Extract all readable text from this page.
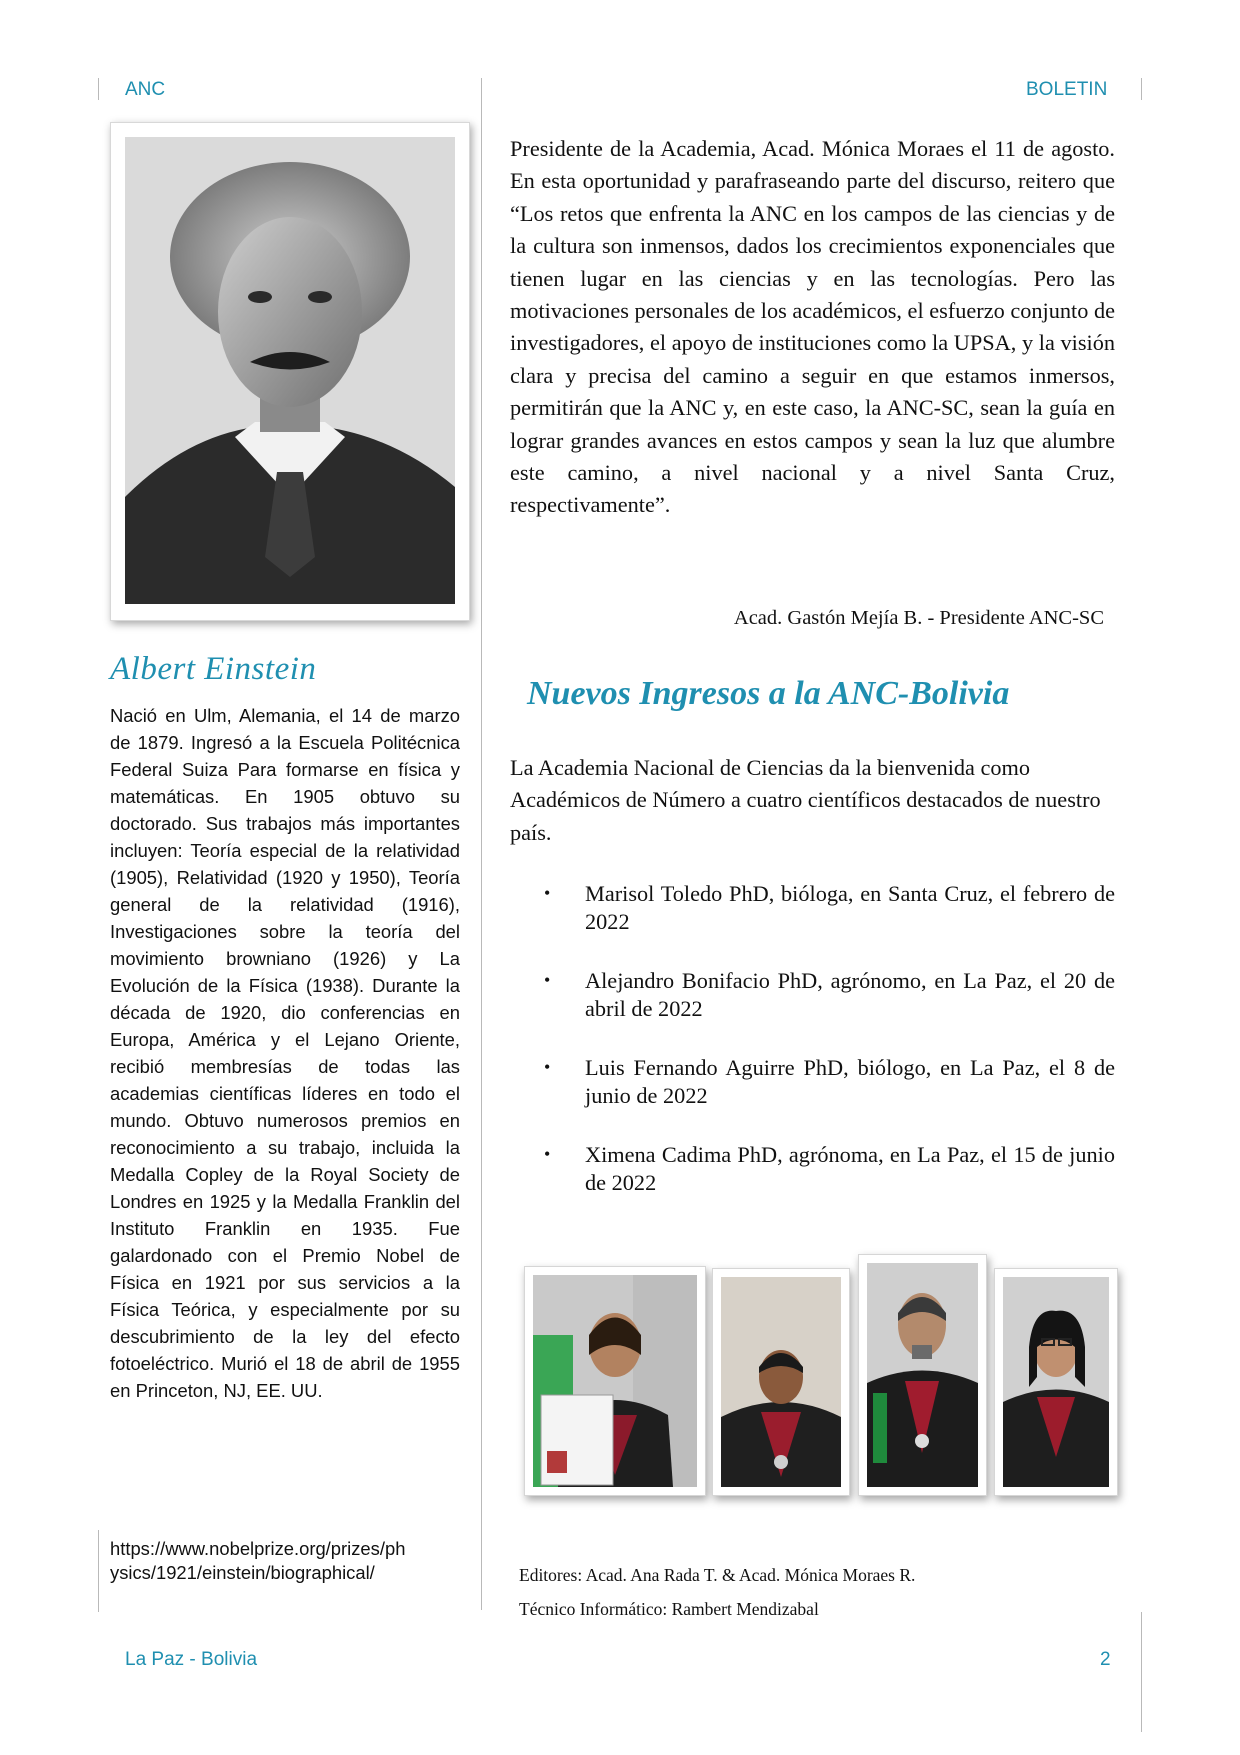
ANC	BOLETIN
Albert Einstein
Nació en Ulm, Alemania, el 14 de marzo de 1879. Ingresó a la Escuela Politécnica Federal Suiza Para formarse en física y matemáticas. En 1905 obtuvo su doctorado. Sus trabajos más importantes incluyen: Teoría especial de la relatividad (1905), Relatividad (1920 y 1950), Teoría general de la relatividad (1916), Investigaciones sobre la teoría del movimiento browniano (1926) y La Evolución de la Física (1938). Durante la década de 1920, dio conferencias en Europa, América y el Lejano Oriente, recibió membresías de todas las academias científicas líderes en todo el mundo. Obtuvo numerosos premios en reconocimiento a su trabajo, incluida la Medalla Copley de la Royal Society de Londres en 1925 y la Medalla Franklin del Instituto Franklin en 1935. Fue galardonado con el Premio Nobel de Física en 1921 por sus servicios a la Física Teórica, y especialmente por su descubrimiento de la ley del efecto fotoeléctrico. Murió el 18 de abril de 1955 en Princeton, NJ, EE. UU.
https://www.nobelprize.org/prizes/physics/1921/einstein/biographical/
Presidente de la Academia, Acad. Mónica Moraes el 11 de agosto. En esta oportunidad y parafraseando parte del discurso, reitero que “Los retos que enfrenta la ANC en los campos de las ciencias y de la cultura son inmensos, dados los crecimientos exponenciales que tienen lugar en las ciencias y en las tecnologías. Pero las motivaciones personales de los académicos, el esfuerzo conjunto de investigadores, el apoyo de instituciones como la UPSA, y la visión clara y precisa del camino a seguir en que estamos inmersos, permitirán que la ANC y, en este caso, la ANC-SC, sean la guía en lograr grandes avances en estos campos y sean la luz que alumbre este camino, a nivel nacional y a nivel Santa Cruz, respectivamente”.
Acad. Gastón Mejía B. - Presidente ANC-SC
Nuevos Ingresos a la ANC-Bolivia
La Academia Nacional de Ciencias da la bienvenida como Académicos de Número a cuatro científicos destacados de nuestro país.
• Marisol Toledo PhD, bióloga, en Santa Cruz, el febrero de 2022
• Alejandro Bonifacio PhD, agrónomo, en La Paz, el 20 de abril de 2022
• Luis Fernando Aguirre PhD, biólogo, en La Paz, el 8 de junio de 2022
• Ximena Cadima PhD, agrónoma, en La Paz, el 15 de junio de 2022
Editores: Acad. Ana Rada T. & Acad. Mónica Moraes R.
Técnico Informático: Rambert Mendizabal
La Paz - Bolivia	2
